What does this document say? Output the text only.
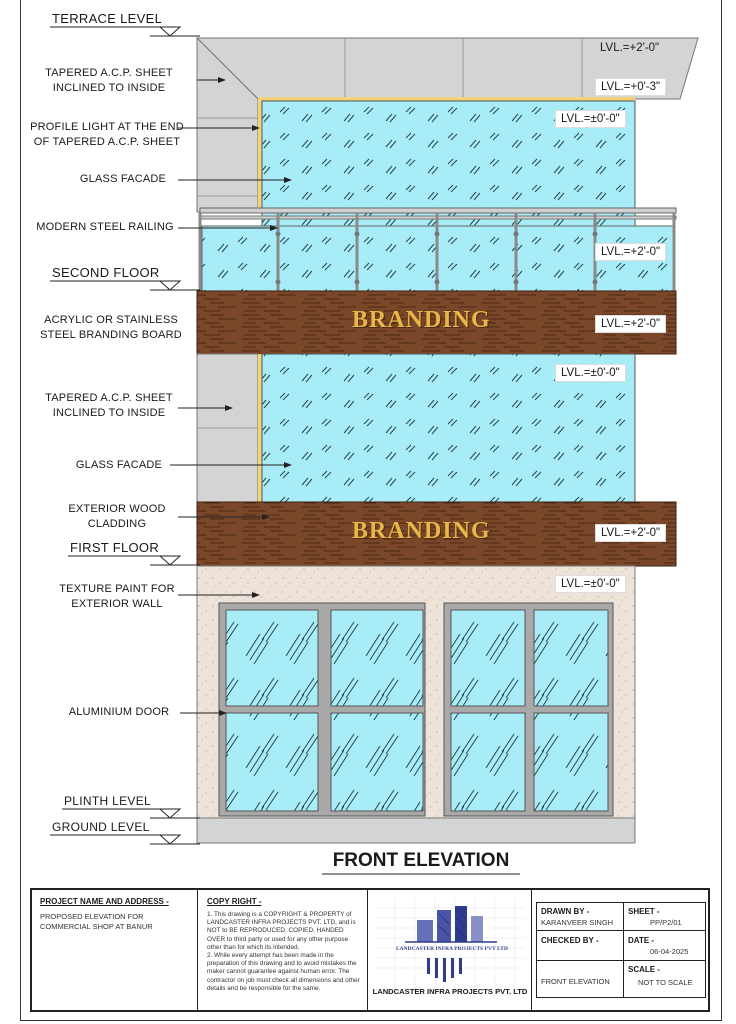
TERRACE LEVEL
SECOND FLOOR
FIRST FLOOR
PLINTH LEVEL
GROUND LEVEL
TAPERED A.C.P. SHEET
INCLINED TO INSIDE
PROFILE LIGHT AT THE END
OF TAPERED A.C.P. SHEET
GLASS FACADE
MODERN STEEL RAILING
ACRYLIC OR STAINLESS
STEEL BRANDING BOARD
TAPERED A.C.P. SHEET
INCLINED TO INSIDE
GLASS FACADE
EXTERIOR WOOD
CLADDING
TEXTURE PAINT FOR
EXTERIOR WALL
ALUMINIUM DOOR
BRANDING
BRANDING
LVL.=+2'-0"
LVL.=+0'-3"
LVL.=±0'-0"
LVL.=+2'-0"
LVL.=+2'-0"
LVL.=±0'-0"
LVL.=+2'-0"
LVL.=±0'-0"
FRONT ELEVATION
PROJECT NAME AND ADDRESS -
PROPOSED ELEVATION FOR
COMMERCIAL SHOP AT BANUR
COPY RIGHT -
1. This drawing is a COPYRIGHT & PROPERTY of LANDCASTER INFRA PROJECTS PVT. LTD, and is NOT to BE REPRODUCED, COPIED, HANDED OVER to third party or used for any other purpose other than for which its intended.
2. While every attempt has been made in the preparation of this drawing and to avoid mistakes the maker cannot guarantee against human error. The contractor on job must check all dimensions and other details and be responsible for the same.
LANDCASTER INFRA PROJECTS PVT LTD
LANDCASTER INFRA PROJECTS PVT. LTD
DRAWN BY -
KARANVEER SINGH
SHEET -
PP/P2/01
CHECKED BY -	DATE -
06-04-2025
FRONT ELEVATION
SCALE -
NOT TO SCALE
